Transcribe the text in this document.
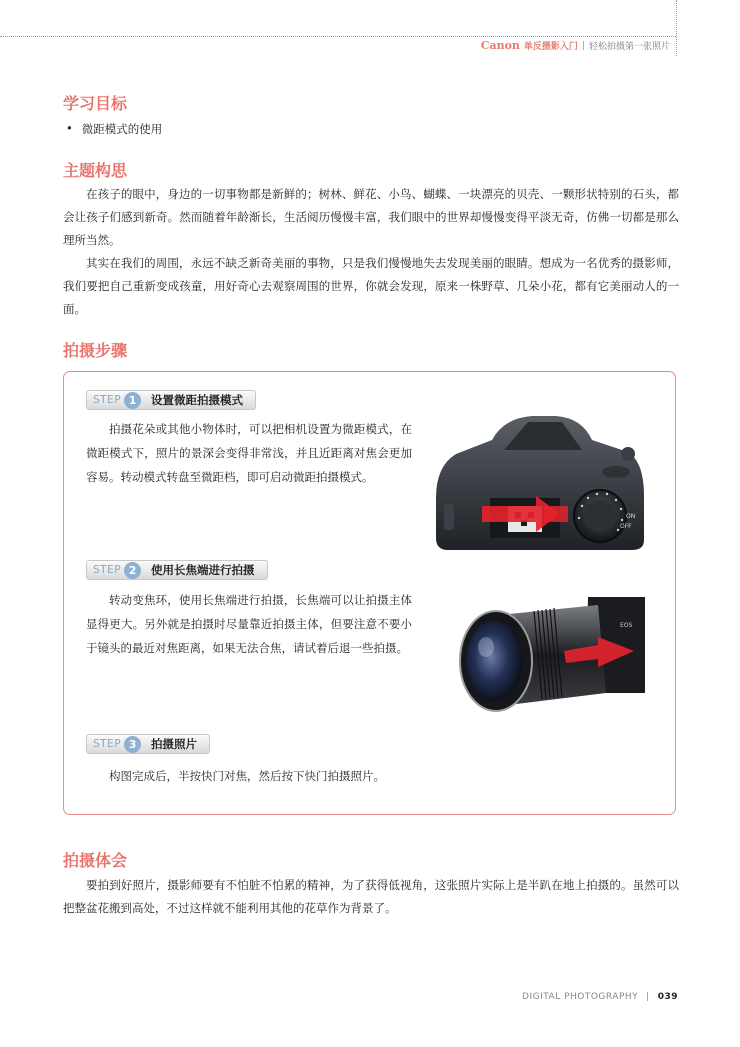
Canon 单反摄影入门 | 轻松拍摄第一张照片
学习目标
• 微距模式的使用
主题构思

在孩子的眼中，身边的一切事物都是新鲜的；树林、鲜花、小鸟、蝴蝶、一块漂亮的贝壳、一颗形状特别的石头，都会让孩子们感到新奇。然而随着年龄渐长，生活阅历慢慢丰富，我们眼中的世界却慢慢变得平淡无奇，仿佛一切都是那么理所当然。

其实在我们的周围，永远不缺乏新奇美丽的事物，只是我们慢慢地失去发现美丽的眼睛。想成为一名优秀的摄影师，我们要把自己重新变成孩童，用好奇心去观察周围的世界，你就会发现，原来一株野草、几朵小花，都有它美丽动人的一面。

拍摄步骤
STEP 1	设置微距拍摄模式

拍摄花朵或其他小物体时，可以把相机设置为微距模式，在微距模式下，照片的景深会变得非常浅，并且近距离对焦会更加容易。转动模式转盘至微距档，即可启动微距拍摄模式。

ON
OFF
STEP 2	使用长焦端进行拍摄

转动变焦环，使用长焦端进行拍摄，长焦端可以让拍摄主体显得更大。另外就是拍摄时尽量靠近拍摄主体，但要注意不要小于镜头的最近对焦距离，如果无法合焦，请试着后退一些拍摄。

EOS
STEP 3	拍摄照片

构图完成后，半按快门对焦，然后按下快门拍摄照片。

拍摄体会

要拍到好照片，摄影师要有不怕脏不怕累的精神，为了获得低视角，这张照片实际上是半趴在地上拍摄的。虽然可以把整盆花搬到高处，不过这样就不能利用其他的花草作为背景了。

DIGITAL PHOTOGRAPHY | 039
